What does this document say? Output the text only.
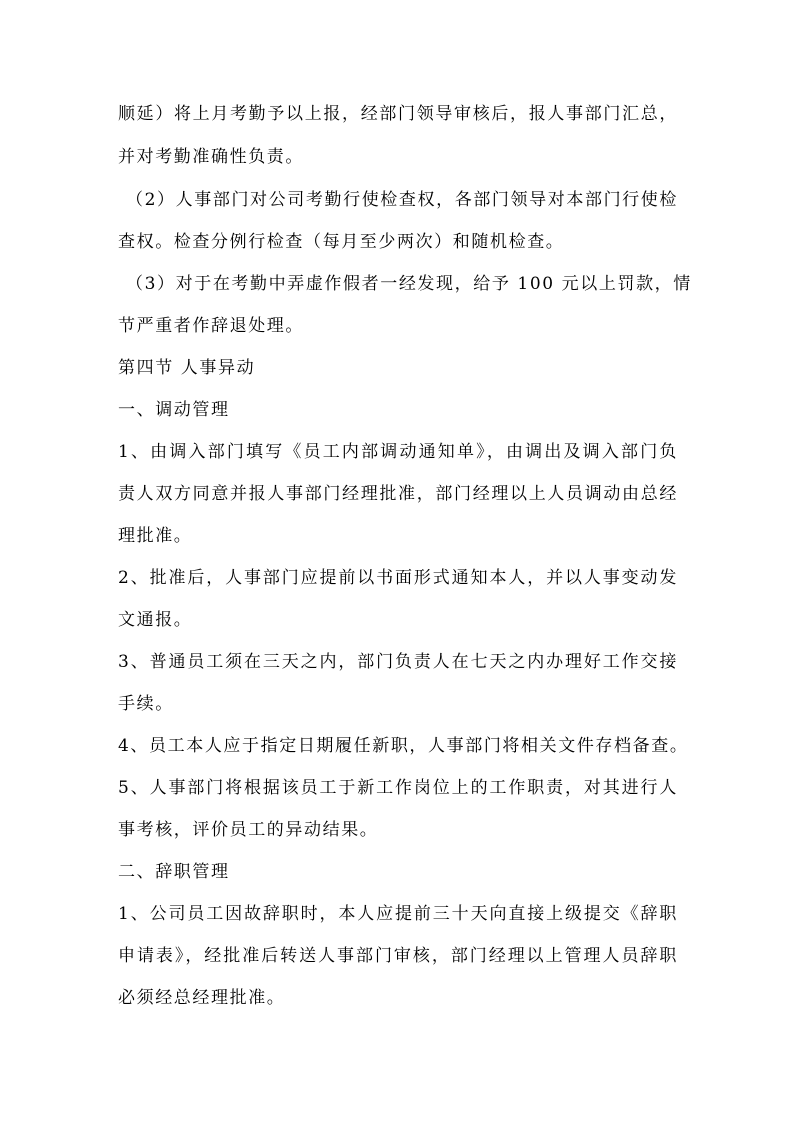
顺延）将上月考勤予以上报，经部门领导审核后，报人事部门汇总，
并对考勤准确性负责。
（2）人事部门对公司考勤行使检查权，各部门领导对本部门行使检
查权。检查分例行检查（每月至少两次）和随机检查。
（3）对于在考勤中弄虚作假者一经发现，给予 100 元以上罚款，情
节严重者作辞退处理。
第四节 人事异动
一、调动管理
1、由调入部门填写《员工内部调动通知单》，由调出及调入部门负
责人双方同意并报人事部门经理批准，部门经理以上人员调动由总经
理批准。
2、批准后，人事部门应提前以书面形式通知本人，并以人事变动发
文通报。
3、普通员工须在三天之内，部门负责人在七天之内办理好工作交接
手续。
4、员工本人应于指定日期履任新职，人事部门将相关文件存档备查。
5、人事部门将根据该员工于新工作岗位上的工作职责，对其进行人
事考核，评价员工的异动结果。
二、辞职管理
1、公司员工因故辞职时，本人应提前三十天向直接上级提交《辞职
申请表》，经批准后转送人事部门审核，部门经理以上管理人员辞职
必须经总经理批准。
